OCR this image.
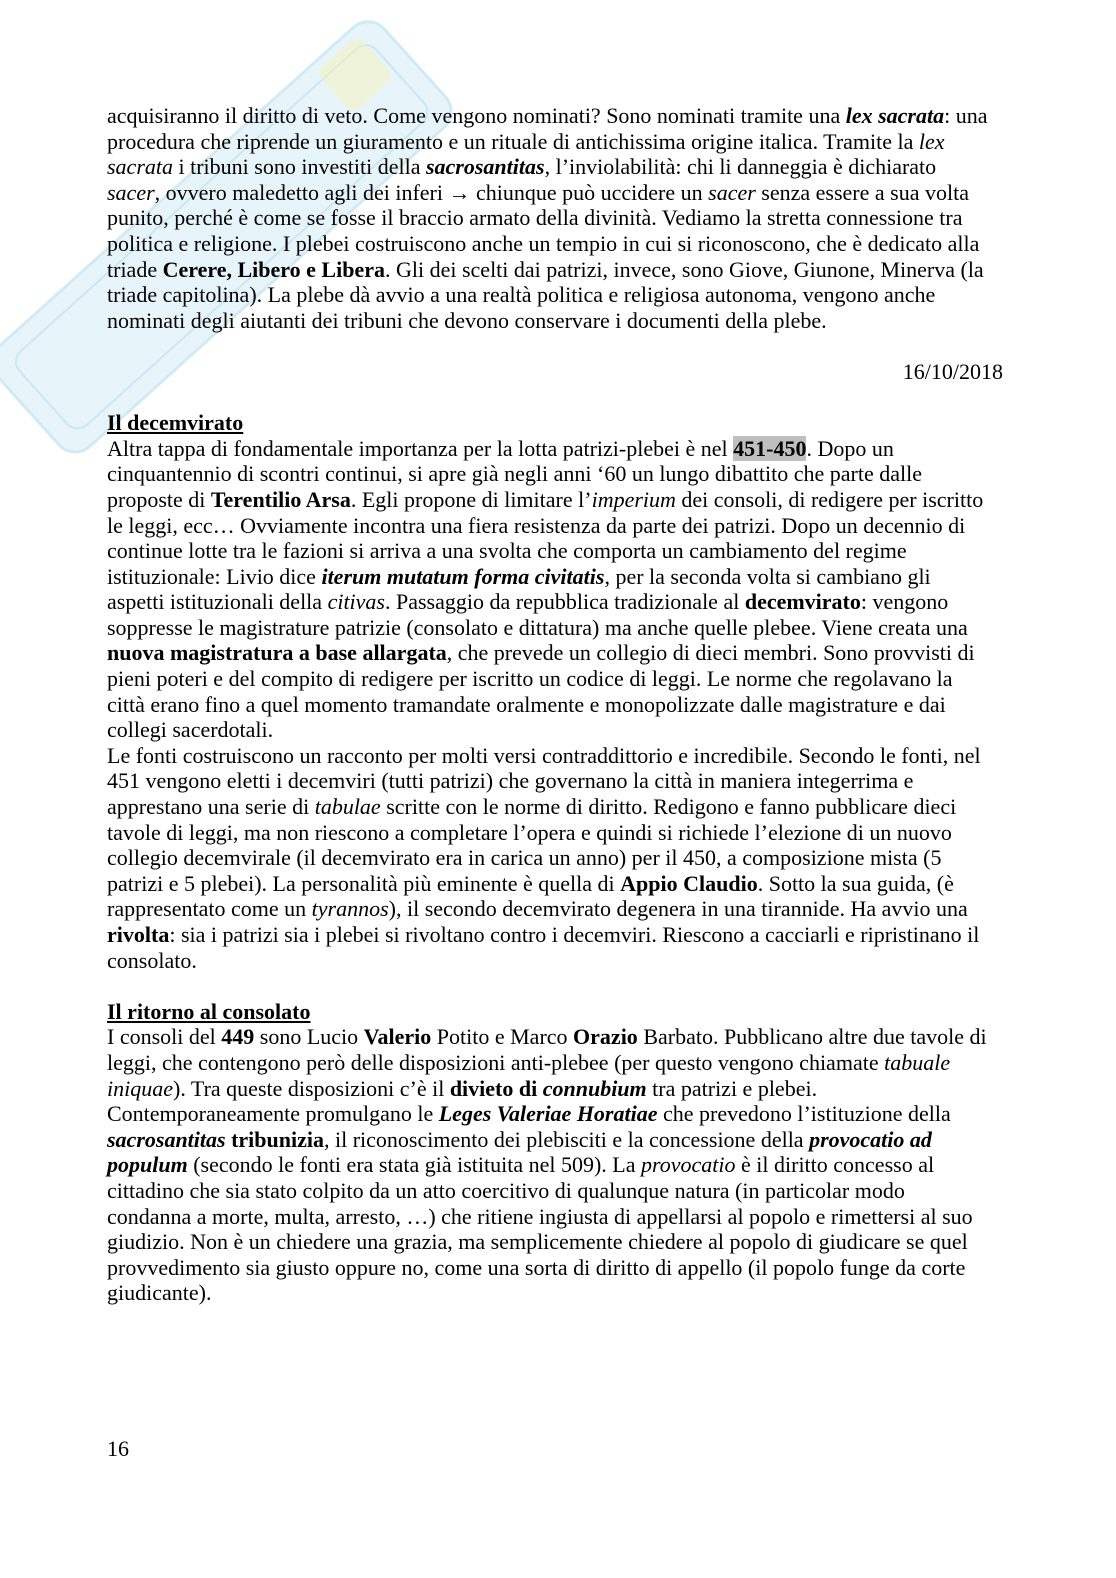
acquisiranno il diritto di veto. Come vengono nominati? Sono nominati tramite una lex sacrata: una
procedura che riprende un giuramento e un rituale di antichissima origine italica. Tramite la lex
sacrata i tribuni sono investiti della sacrosantitas, l’inviolabilità: chi li danneggia è dichiarato
sacer, ovvero maledetto agli dei inferi → chiunque può uccidere un sacer senza essere a sua volta
punito, perché è come se fosse il braccio armato della divinità. Vediamo la stretta connessione tra
politica e religione. I plebei costruiscono anche un tempio in cui si riconoscono, che è dedicato alla
triade Cerere, Libero e Libera. Gli dei scelti dai patrizi, invece, sono Giove, Giunone, Minerva (la
triade capitolina). La plebe dà avvio a una realtà politica e religiosa autonoma, vengono anche
nominati degli aiutanti dei tribuni che devono conservare i documenti della plebe.
16/10/2018
Il decemvirato
Altra tappa di fondamentale importanza per la lotta patrizi-plebei è nel 451-450. Dopo un
cinquantennio di scontri continui, si apre già negli anni ‘60 un lungo dibattito che parte dalle
proposte di Terentilio Arsa. Egli propone di limitare l’imperium dei consoli, di redigere per iscritto
le leggi, ecc… Ovviamente incontra una fiera resistenza da parte dei patrizi. Dopo un decennio di
continue lotte tra le fazioni si arriva a una svolta che comporta un cambiamento del regime
istituzionale: Livio dice iterum mutatum forma civitatis, per la seconda volta si cambiano gli
aspetti istituzionali della citivas. Passaggio da repubblica tradizionale al decemvirato: vengono
soppresse le magistrature patrizie (consolato e dittatura) ma anche quelle plebee. Viene creata una
nuova magistratura a base allargata, che prevede un collegio di dieci membri. Sono provvisti di
pieni poteri e del compito di redigere per iscritto un codice di leggi. Le norme che regolavano la
città erano fino a quel momento tramandate oralmente e monopolizzate dalle magistrature e dai
collegi sacerdotali.
Le fonti costruiscono un racconto per molti versi contraddittorio e incredibile. Secondo le fonti, nel
451 vengono eletti i decemviri (tutti patrizi) che governano la città in maniera integerrima e
apprestano una serie di tabulae scritte con le norme di diritto. Redigono e fanno pubblicare dieci
tavole di leggi, ma non riescono a completare l’opera e quindi si richiede l’elezione di un nuovo
collegio decemvirale (il decemvirato era in carica un anno) per il 450, a composizione mista (5
patrizi e 5 plebei). La personalità più eminente è quella di Appio Claudio. Sotto la sua guida, (è
rappresentato come un tyrannos), il secondo decemvirato degenera in una tirannide. Ha avvio una
rivolta: sia i patrizi sia i plebei si rivoltano contro i decemviri. Riescono a cacciarli e ripristinano il
consolato.
Il ritorno al consolato
I consoli del 449 sono Lucio Valerio Potito e Marco Orazio Barbato. Pubblicano altre due tavole di
leggi, che contengono però delle disposizioni anti-plebee (per questo vengono chiamate tabuale
iniquae). Tra queste disposizioni c’è il divieto di connubium tra patrizi e plebei.
Contemporaneamente promulgano le Leges Valeriae Horatiae che prevedono l’istituzione della
sacrosantitas tribunizia, il riconoscimento dei plebisciti e la concessione della provocatio ad
populum (secondo le fonti era stata già istituita nel 509). La provocatio è il diritto concesso al
cittadino che sia stato colpito da un atto coercitivo di qualunque natura (in particolar modo
condanna a morte, multa, arresto, …) che ritiene ingiusta di appellarsi al popolo e rimettersi al suo
giudizio. Non è un chiedere una grazia, ma semplicemente chiedere al popolo di giudicare se quel
provvedimento sia giusto oppure no, come una sorta di diritto di appello (il popolo funge da corte
giudicante).
16
